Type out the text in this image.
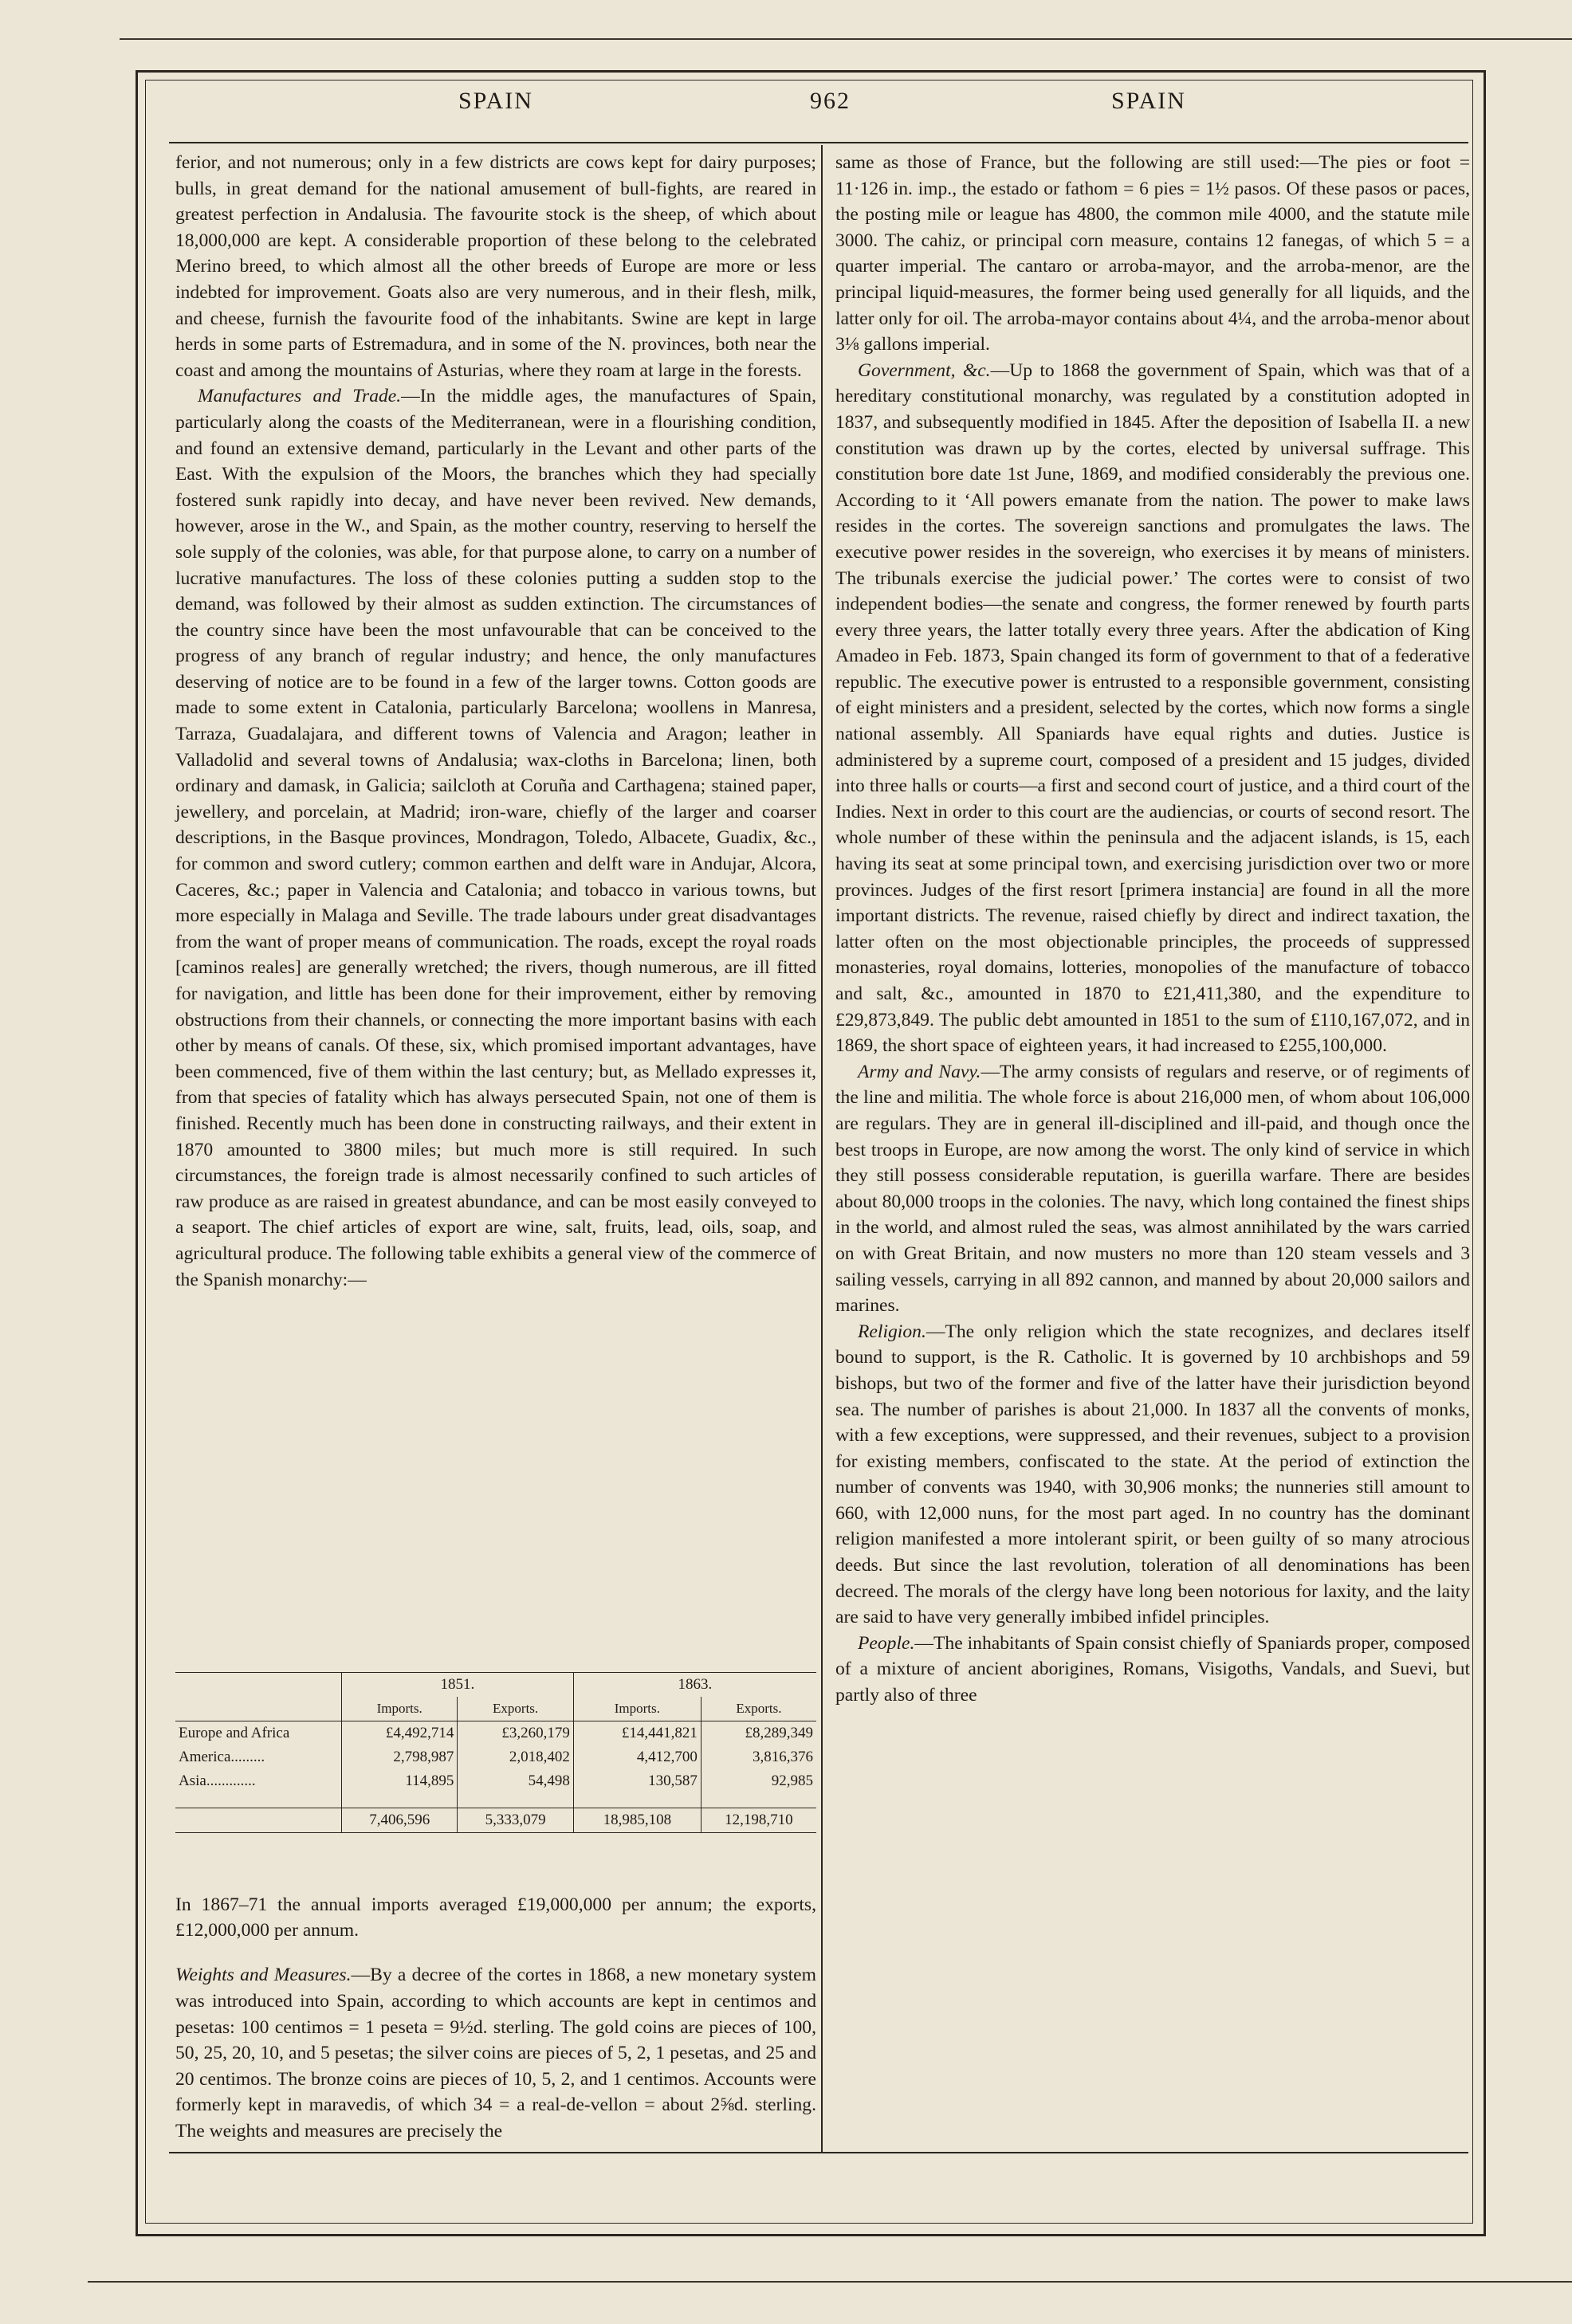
SPAIN	962	SPAIN

ferior, and not numerous; only in a few districts are cows kept for dairy purposes; bulls, in great demand for the national amusement of bull-fights, are reared in greatest perfection in Andalusia. The favourite stock is the sheep, of which about 18,000,000 are kept. A considerable proportion of these belong to the celebrated Merino breed, to which almost all the other breeds of Europe are more or less indebted for improvement. Goats also are very numerous, and in their flesh, milk, and cheese, furnish the favourite food of the inhabitants. Swine are kept in large herds in some parts of Estremadura, and in some of the N. provinces, both near the coast and among the mountains of Asturias, where they roam at large in the forests.

Manufactures and Trade.—In the middle ages, the manufactures of Spain, particularly along the coasts of the Mediterranean, were in a flourishing condition, and found an extensive demand, particularly in the Levant and other parts of the East. With the expulsion of the Moors, the branches which they had specially fostered sunk rapidly into decay, and have never been revived. New demands, however, arose in the W., and Spain, as the mother country, reserving to herself the sole supply of the colonies, was able, for that purpose alone, to carry on a number of lucrative manufactures. The loss of these colonies putting a sudden stop to the demand, was followed by their almost as sudden extinction. The circumstances of the country since have been the most unfavourable that can be conceived to the progress of any branch of regular industry; and hence, the only manufactures deserving of notice are to be found in a few of the larger towns. Cotton goods are made to some extent in Catalonia, particularly Barcelona; woollens in Manresa, Tarraza, Guadalajara, and different towns of Valencia and Aragon; leather in Valladolid and several towns of Andalusia; wax-cloths in Barcelona; linen, both ordinary and damask, in Galicia; sailcloth at Coruña and Carthagena; stained paper, jewellery, and porcelain, at Madrid; iron-ware, chiefly of the larger and coarser descriptions, in the Basque provinces, Mondragon, Toledo, Albacete, Guadix, &c., for common and sword cutlery; common earthen and delft ware in Andujar, Alcora, Caceres, &c.; paper in Valencia and Catalonia; and tobacco in various towns, but more especially in Malaga and Seville. The trade labours under great disadvantages from the want of proper means of communication. The roads, except the royal roads [caminos reales] are generally wretched; the rivers, though numerous, are ill fitted for navigation, and little has been done for their improvement, either by removing obstructions from their channels, or connecting the more important basins with each other by means of canals. Of these, six, which promised important advantages, have been commenced, five of them within the last century; but, as Mellado expresses it, from that species of fatality which has always persecuted Spain, not one of them is finished. Recently much has been done in constructing railways, and their extent in 1870 amounted to 3800 miles; but much more is still required. In such circumstances, the foreign trade is almost necessarily confined to such articles of raw produce as are raised in greatest abundance, and can be most easily conveyed to a seaport. The chief articles of export are wine, salt, fruits, lead, oils, soap, and agricultural produce. The following table exhibits a general view of the commerce of the Spanish monarchy:—

	1851.		1863.	
	Imports.	Exports.	Imports.	Exports.
Europe and Africa	£4,492,714	£3,260,179	£14,441,821	£8,289,349
America.........	2,798,987	2,018,402	4,412,700	3,816,376
Asia.............	114,895	54,498	130,587	92,985
	7,406,596	5,333,079	18,985,108	12,198,710

In 1867–71 the annual imports averaged £19,000,000 per annum; the exports, £12,000,000 per annum.

Weights and Measures.—By a decree of the cortes in 1868, a new monetary system was introduced into Spain, according to which accounts are kept in centimos and pesetas: 100 centimos = 1 peseta = 9½d. sterling. The gold coins are pieces of 100, 50, 25, 20, 10, and 5 pesetas; the silver coins are pieces of 5, 2, 1 pesetas, and 25 and 20 centimos. The bronze coins are pieces of 10, 5, 2, and 1 centimos. Accounts were formerly kept in maravedis, of which 34 = a real-de-vellon = about 2⅝d. sterling. The weights and measures are precisely the

same as those of France, but the following are still used:—The pies or foot = 11·126 in. imp., the estado or fathom = 6 pies = 1½ pasos. Of these pasos or paces, the posting mile or league has 4800, the common mile 4000, and the statute mile 3000. The cahiz, or principal corn measure, contains 12 fanegas, of which 5 = a quarter imperial. The cantaro or arroba-mayor, and the arroba-menor, are the principal liquid-measures, the former being used generally for all liquids, and the latter only for oil. The arroba-mayor contains about 4¼, and the arroba-menor about 3⅛ gallons imperial.

Government, &c.—Up to 1868 the government of Spain, which was that of a hereditary constitutional monarchy, was regulated by a constitution adopted in 1837, and subsequently modified in 1845. After the deposition of Isabella II. a new constitution was drawn up by the cortes, elected by universal suffrage. This constitution bore date 1st June, 1869, and modified considerably the previous one. According to it ‘All powers emanate from the nation. The power to make laws resides in the cortes. The sovereign sanctions and promulgates the laws. The executive power resides in the sovereign, who exercises it by means of ministers. The tribunals exercise the judicial power.’ The cortes were to consist of two independent bodies—the senate and congress, the former renewed by fourth parts every three years, the latter totally every three years. After the abdication of King Amadeo in Feb. 1873, Spain changed its form of government to that of a federative republic. The executive power is entrusted to a responsible government, consisting of eight ministers and a president, selected by the cortes, which now forms a single national assembly. All Spaniards have equal rights and duties. Justice is administered by a supreme court, composed of a president and 15 judges, divided into three halls or courts—a first and second court of justice, and a third court of the Indies. Next in order to this court are the audiencias, or courts of second resort. The whole number of these within the peninsula and the adjacent islands, is 15, each having its seat at some principal town, and exercising jurisdiction over two or more provinces. Judges of the first resort [primera instancia] are found in all the more important districts. The revenue, raised chiefly by direct and indirect taxation, the latter often on the most objectionable principles, the proceeds of suppressed monasteries, royal domains, lotteries, monopolies of the manufacture of tobacco and salt, &c., amounted in 1870 to £21,411,380, and the expenditure to £29,873,849. The public debt amounted in 1851 to the sum of £110,167,072, and in 1869, the short space of eighteen years, it had increased to £255,100,000.

Army and Navy.—The army consists of regulars and reserve, or of regiments of the line and militia. The whole force is about 216,000 men, of whom about 106,000 are regulars. They are in general ill-disciplined and ill-paid, and though once the best troops in Europe, are now among the worst. The only kind of service in which they still possess considerable reputation, is guerilla warfare. There are besides about 80,000 troops in the colonies. The navy, which long contained the finest ships in the world, and almost ruled the seas, was almost annihilated by the wars carried on with Great Britain, and now musters no more than 120 steam vessels and 3 sailing vessels, carrying in all 892 cannon, and manned by about 20,000 sailors and marines.

Religion.—The only religion which the state recognizes, and declares itself bound to support, is the R. Catholic. It is governed by 10 archbishops and 59 bishops, but two of the former and five of the latter have their jurisdiction beyond sea. The number of parishes is about 21,000. In 1837 all the convents of monks, with a few exceptions, were suppressed, and their revenues, subject to a provision for existing members, confiscated to the state. At the period of extinction the number of convents was 1940, with 30,906 monks; the nunneries still amount to 660, with 12,000 nuns, for the most part aged. In no country has the dominant religion manifested a more intolerant spirit, or been guilty of so many atrocious deeds. But since the last revolution, toleration of all denominations has been decreed. The morals of the clergy have long been notorious for laxity, and the laity are said to have very generally imbibed infidel principles.

People.—The inhabitants of Spain consist chiefly of Spaniards proper, composed of a mixture of ancient aborigines, Romans, Visigoths, Vandals, and Suevi, but partly also of three
